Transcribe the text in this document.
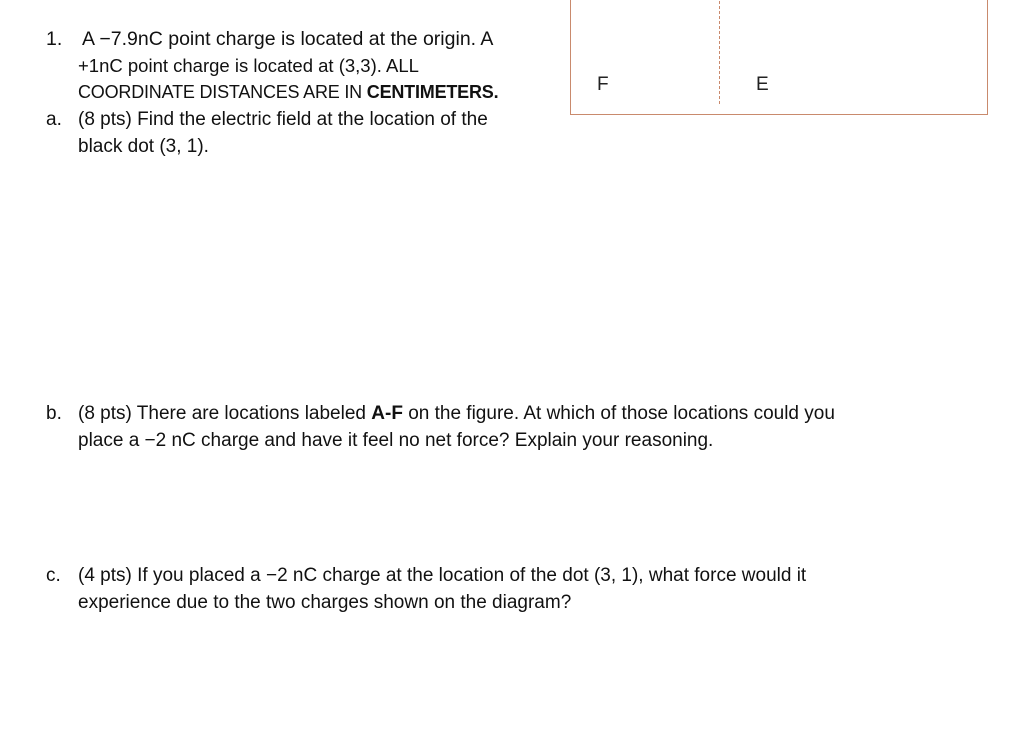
1. A −7.9nC point charge is located at the origin. A
+1nC point charge is located at (3,3). ALL
COORDINATE DISTANCES ARE IN CENTIMETERS.
a. (8 pts) Find the electric field at the location of the
black dot (3, 1).
b. (8 pts) There are locations labeled A-F on the figure. At which of those locations could you
place a −2 nC charge and have it feel no net force? Explain your reasoning.
c. (4 pts) If you placed a −2 nC charge at the location of the dot (3, 1), what force would it
experience due to the two charges shown on the diagram?
F	E
